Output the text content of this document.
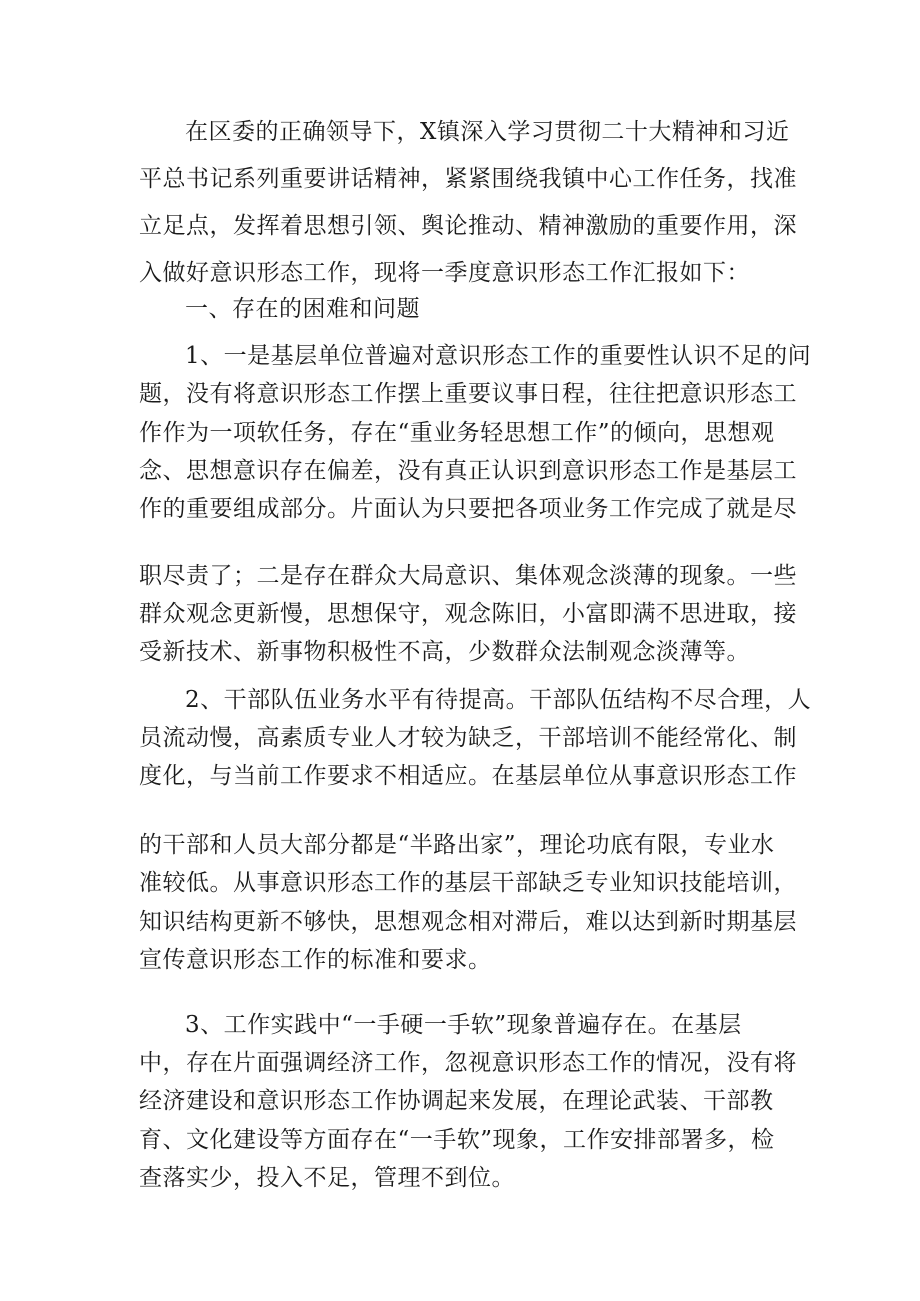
在区委的正确领导下，X镇深入学习贯彻二十大精神和习近
平总书记系列重要讲话精神，紧紧围绕我镇中心工作任务，找准
立足点，发挥着思想引领、舆论推动、精神激励的重要作用，深
入做好意识形态工作，现将一季度意识形态工作汇报如下：
一、存在的困难和问题
1、一是基层单位普遍对意识形态工作的重要性认识不足的问
题，没有将意识形态工作摆上重要议事日程，往往把意识形态工
作作为一项软任务，存在“重业务轻思想工作”的倾向，思想观
念、思想意识存在偏差，没有真正认识到意识形态工作是基层工
作的重要组成部分。片面认为只要把各项业务工作完成了就是尽
职尽责了；二是存在群众大局意识、集体观念淡薄的现象。一些
群众观念更新慢，思想保守，观念陈旧，小富即满不思进取，接
受新技术、新事物积极性不高，少数群众法制观念淡薄等。
2、干部队伍业务水平有待提高。干部队伍结构不尽合理，人
员流动慢，高素质专业人才较为缺乏，干部培训不能经常化、制
度化，与当前工作要求不相适应。在基层单位从事意识形态工作
的干部和人员大部分都是“半路出家”，理论功底有限，专业水
准较低。从事意识形态工作的基层干部缺乏专业知识技能培训，
知识结构更新不够快，思想观念相对滞后，难以达到新时期基层
宣传意识形态工作的标准和要求。
3、工作实践中“一手硬一手软”现象普遍存在。在基层
中，存在片面强调经济工作，忽视意识形态工作的情况，没有将
经济建设和意识形态工作协调起来发展，在理论武装、干部教
育、文化建设等方面存在“一手软”现象，工作安排部署多，检
查落实少，投入不足，管理不到位。
